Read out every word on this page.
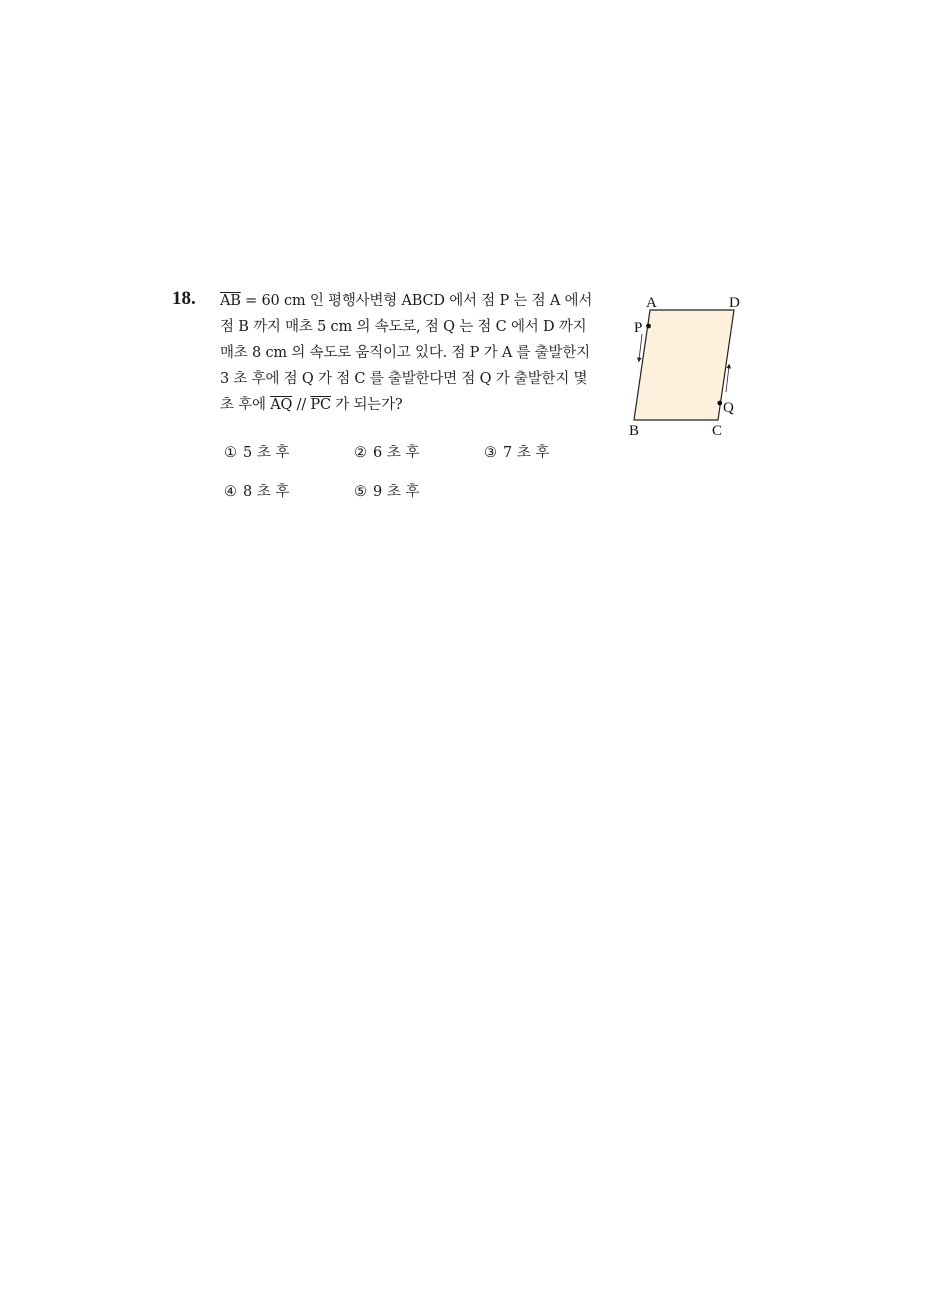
18. $\overline{AB} = 60$ cm 인 평행사변형 ABCD 에서 점 P 는 점 A 에서

점 B 까지 매초 5 cm 의 속도로, 점 Q 는 점 C 에서 D 까지

매초 8 cm 의 속도로 움직이고 있다. 점 P 가 A 를 출발한지

3 초 후에 점 Q 가 점 C 를 출발한다면 점 Q 가 출발한지 몇

초 후에 $\overline{AQ} // \overline{PC}$ 가 되는가?

① 5 초 후	② 6 초 후	③ 7 초 후
④ 8 초 후	⑤ 9 초 후
A	D
B	C
P
Q
